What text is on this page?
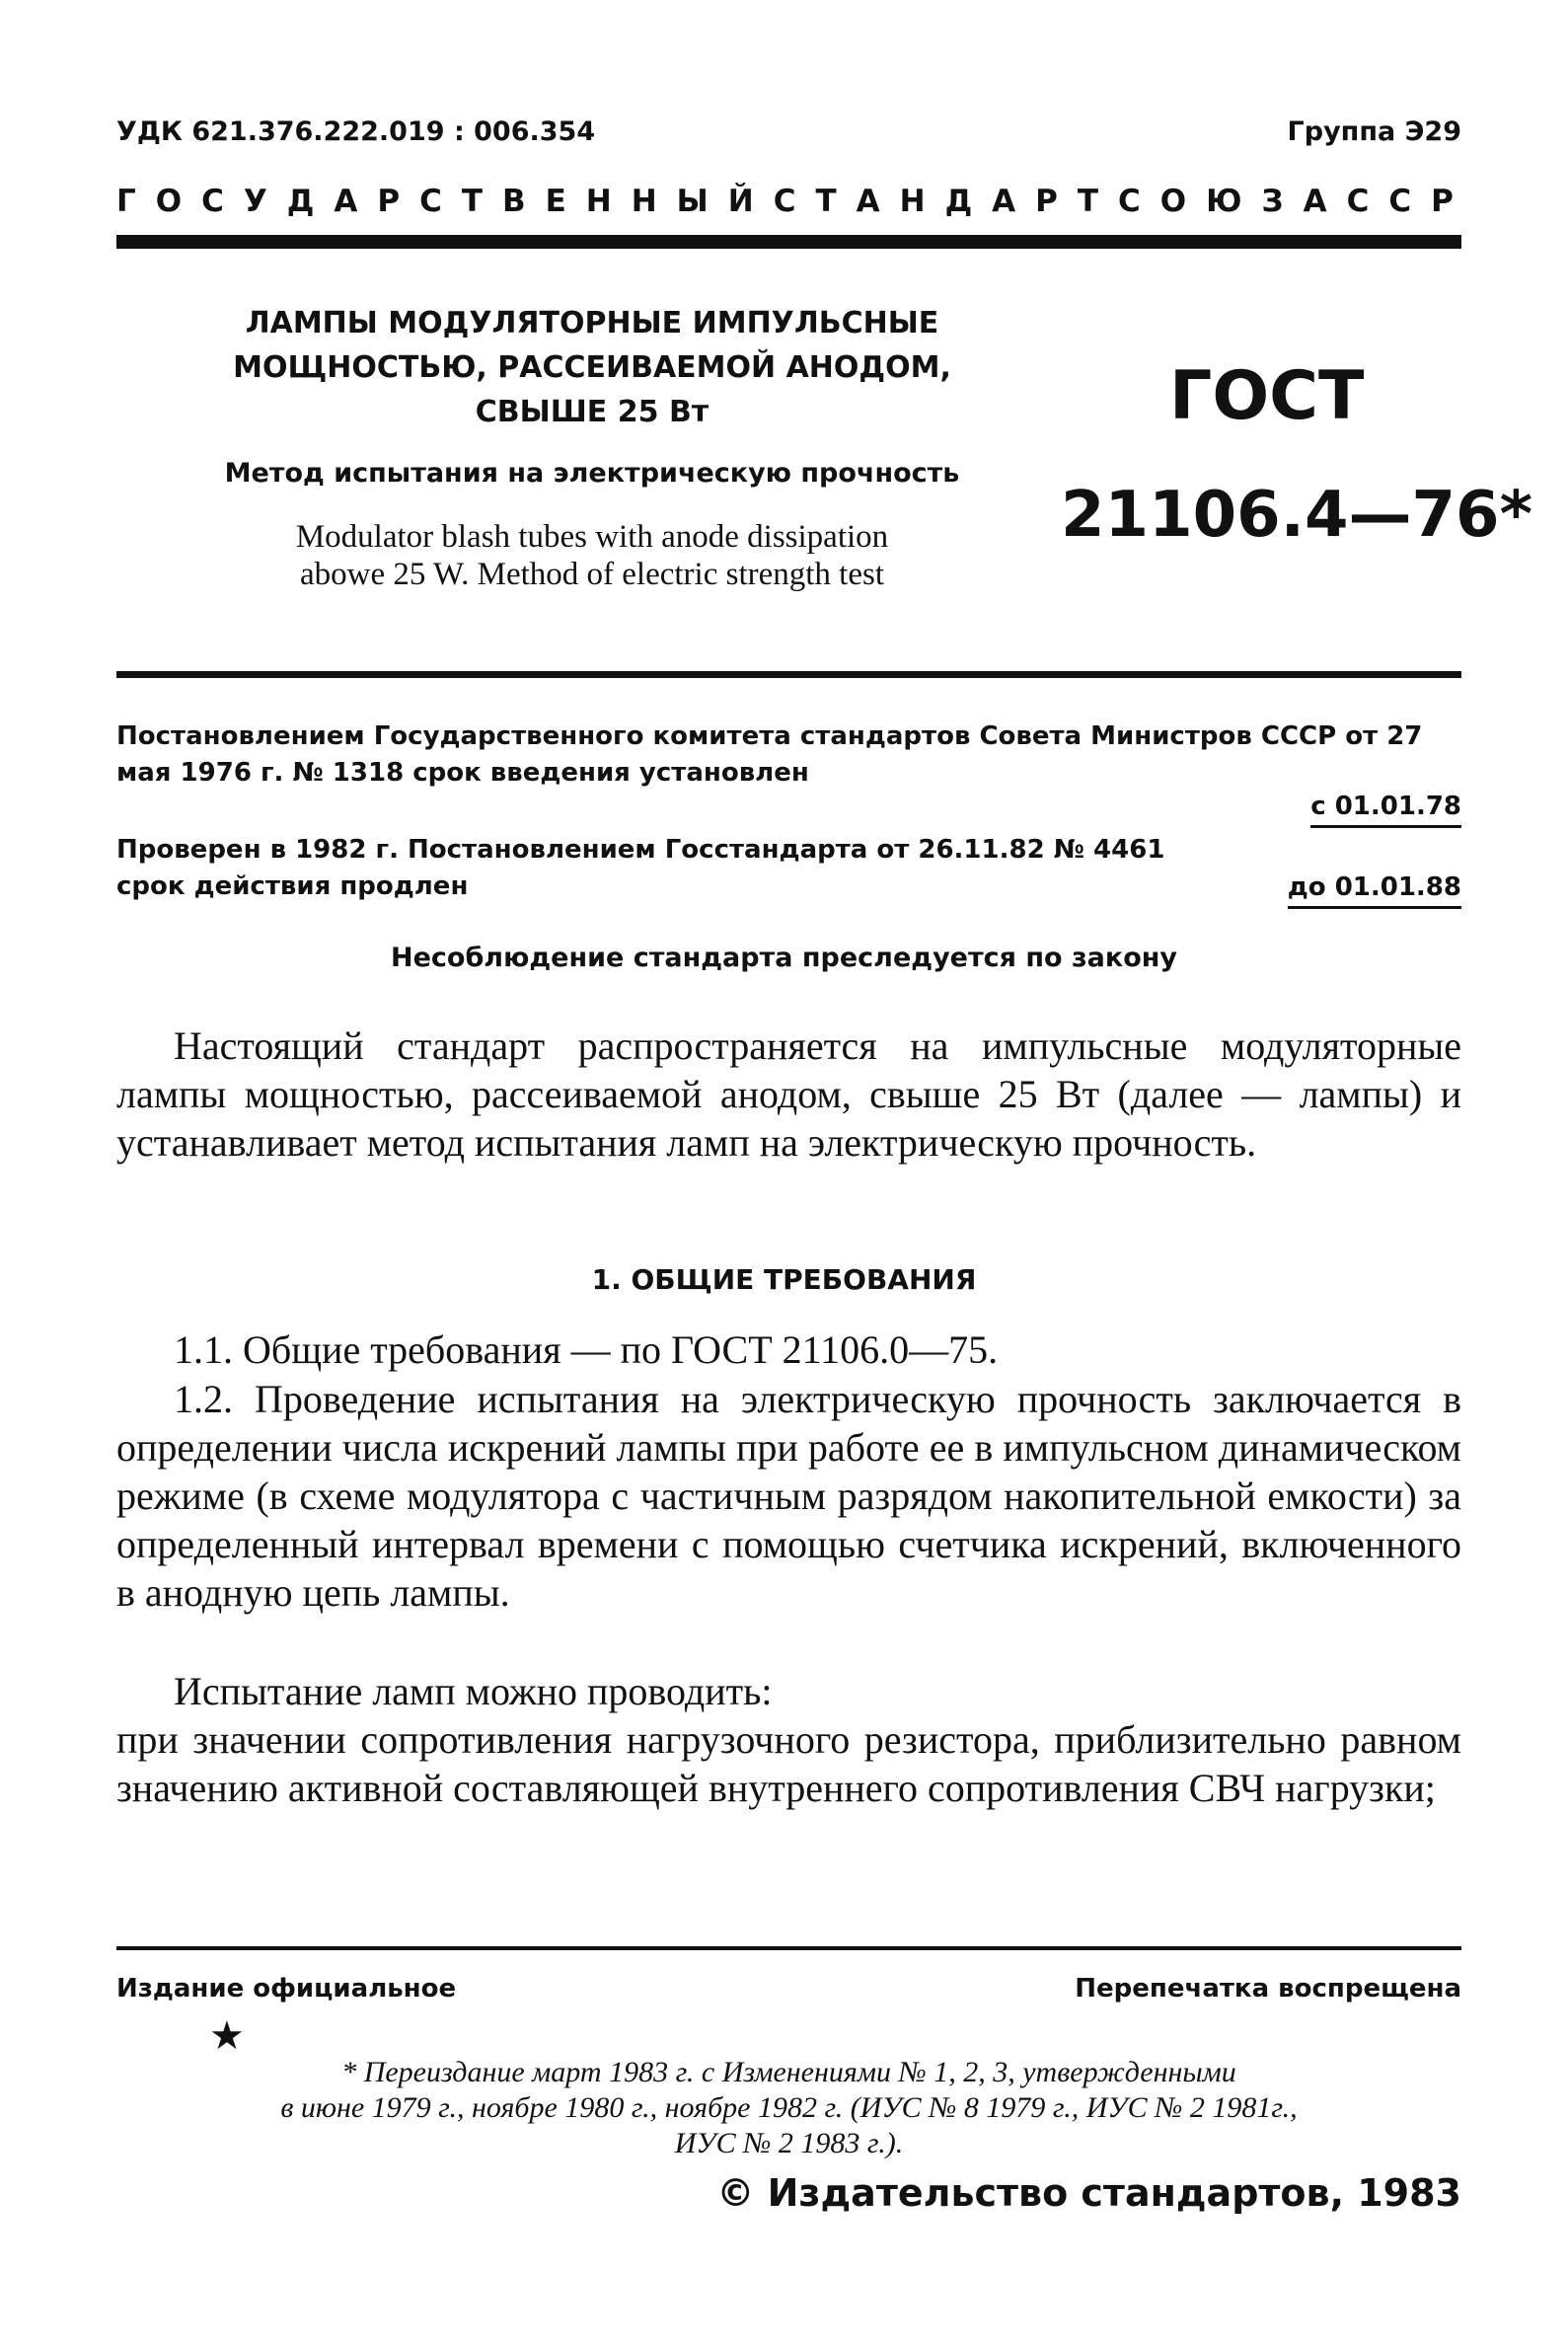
УДК 621.376.222.019 : 006.354	Группа Э29
ГОСУДАРСТВЕННЫЙ СТАНДАРТ СОЮЗА ССР
ЛАМПЫ МОДУЛЯТОРНЫЕ ИМПУЛЬСНЫЕ
МОЩНОСТЬЮ, РАССЕИВАЕМОЙ АНОДОМ,
СВЫШЕ 25 Вт
Метод испытания на электрическую прочность
Modulator blash tubes with anode dissipation
abowe 25 W. Method of electric strength test
ГОСТ
21106.4—76*
Постановлением Государственного комитета стандартов Совета Министров СССР от 27 мая 1976 г. № 1318 срок введения установлен
с 01.01.78
Проверен в 1982 г. Постановлением Госстандарта от 26.11.82 № 4461 срок действия продлен	до 01.01.88
Несоблюдение стандарта преследуется по закону
Настоящий стандарт распространяется на импульсные модуляторные лампы мощностью, рассеиваемой анодом, свыше 25 Вт (далее — лампы) и устанавливает метод испытания ламп на электрическую прочность.
1. ОБЩИЕ ТРЕБОВАНИЯ
1.1. Общие требования — по ГОСТ 21106.0—75.
1.2. Проведение испытания на электрическую прочность заключается в определении числа искрений лампы при работе ее в импульсном динамическом режиме (в схеме модулятора с частичным разрядом накопительной емкости) за определенный интервал времени с помощью счетчика искрений, включенного в анодную цепь лампы.
Испытание ламп можно проводить:
при значении сопротивления нагрузочного резистора, приблизительно равном значению активной составляющей внутреннего сопротивления СВЧ нагрузки;
Издание официальное	Перепечатка воспрещена
★
* Переиздание март 1983 г. с Изменениями № 1, 2, 3, утвержденными
в июне 1979 г., ноябре 1980 г., ноябре 1982 г. (ИУС № 8 1979 г., ИУС № 2 1981г.,
ИУС № 2 1983 г.).
© Издательство стандартов, 1983
